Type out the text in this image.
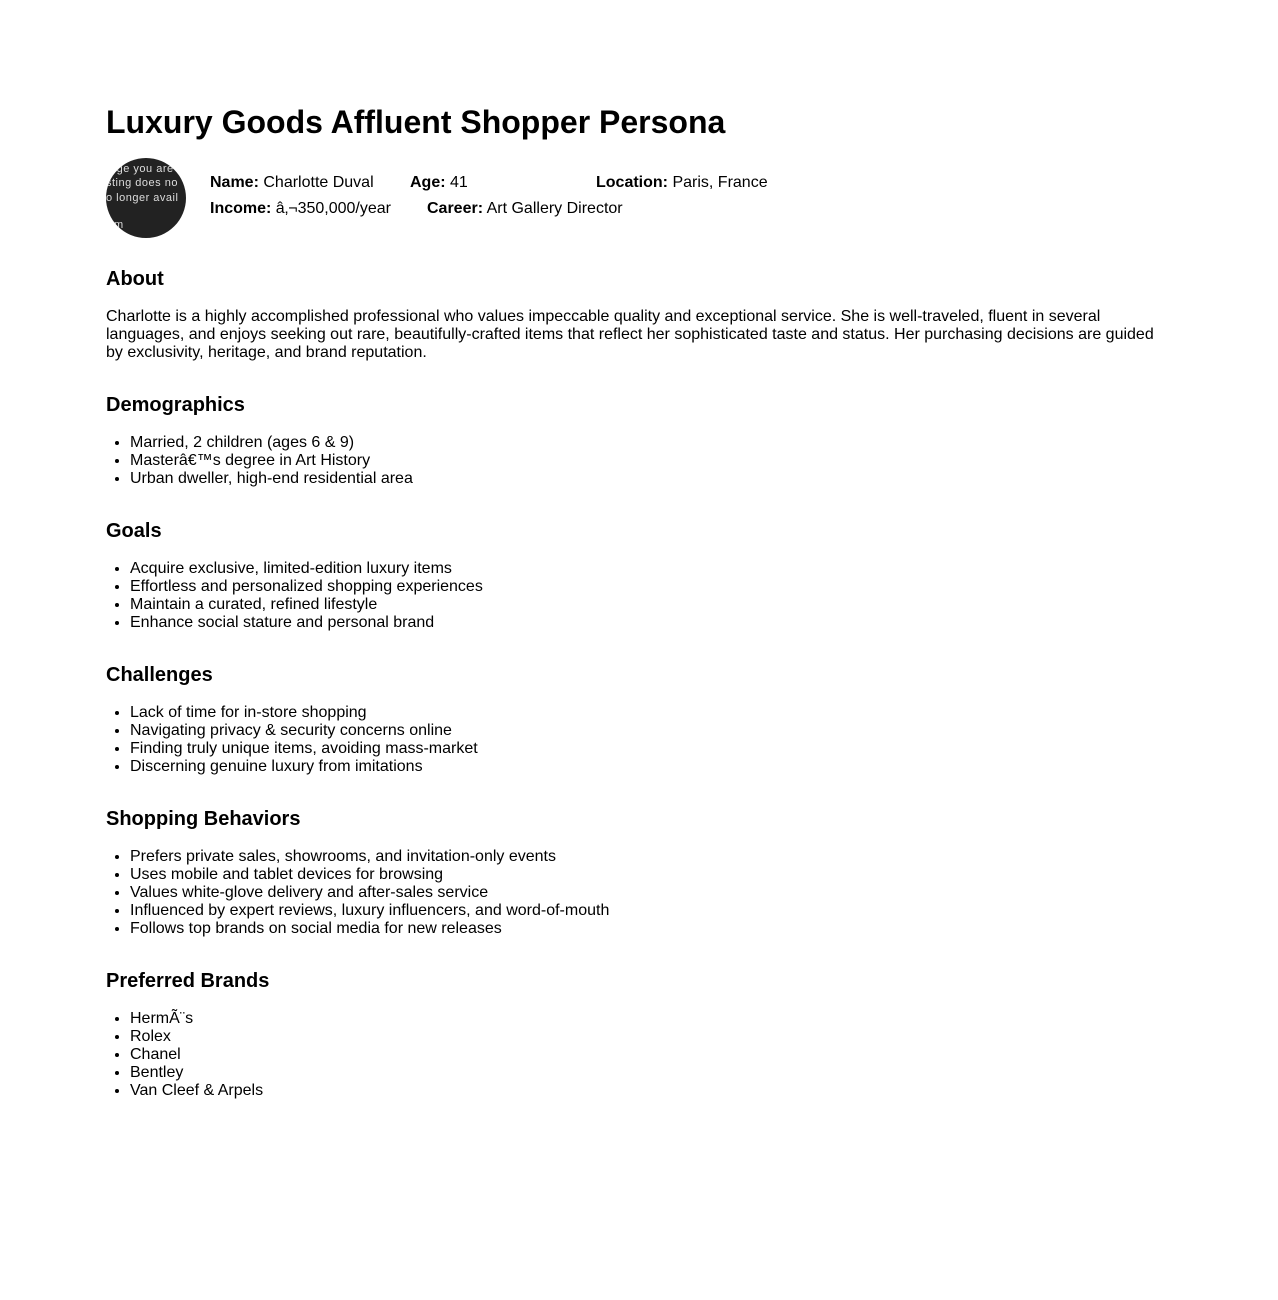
Luxury Goods Affluent Shopper Persona
age you are
sting does no
o longer avail
m
Name: Charlotte Duval	Age: 41	Location: Paris, France
Income: â‚¬350,000/year	Career: Art Gallery Director
About

Charlotte is a highly accomplished professional who values impeccable quality and exceptional service. She is well-traveled, fluent in several languages, and enjoys seeking out rare, beautifully-crafted items that reflect her sophisticated taste and status. Her purchasing decisions are guided by exclusivity, heritage, and brand reputation.

Demographics
• Married, 2 children (ages 6 & 9)
• Masterâ€™s degree in Art History
• Urban dweller, high-end residential area
Goals
• Acquire exclusive, limited-edition luxury items
• Effortless and personalized shopping experiences
• Maintain a curated, refined lifestyle
• Enhance social stature and personal brand
Challenges
• Lack of time for in-store shopping
• Navigating privacy & security concerns online
• Finding truly unique items, avoiding mass-market
• Discerning genuine luxury from imitations
Shopping Behaviors
• Prefers private sales, showrooms, and invitation-only events
• Uses mobile and tablet devices for browsing
• Values white-glove delivery and after-sales service
• Influenced by expert reviews, luxury influencers, and word-of-mouth
• Follows top brands on social media for new releases
Preferred Brands
• HermÃ¨s
• Rolex
• Chanel
• Bentley
• Van Cleef & Arpels
